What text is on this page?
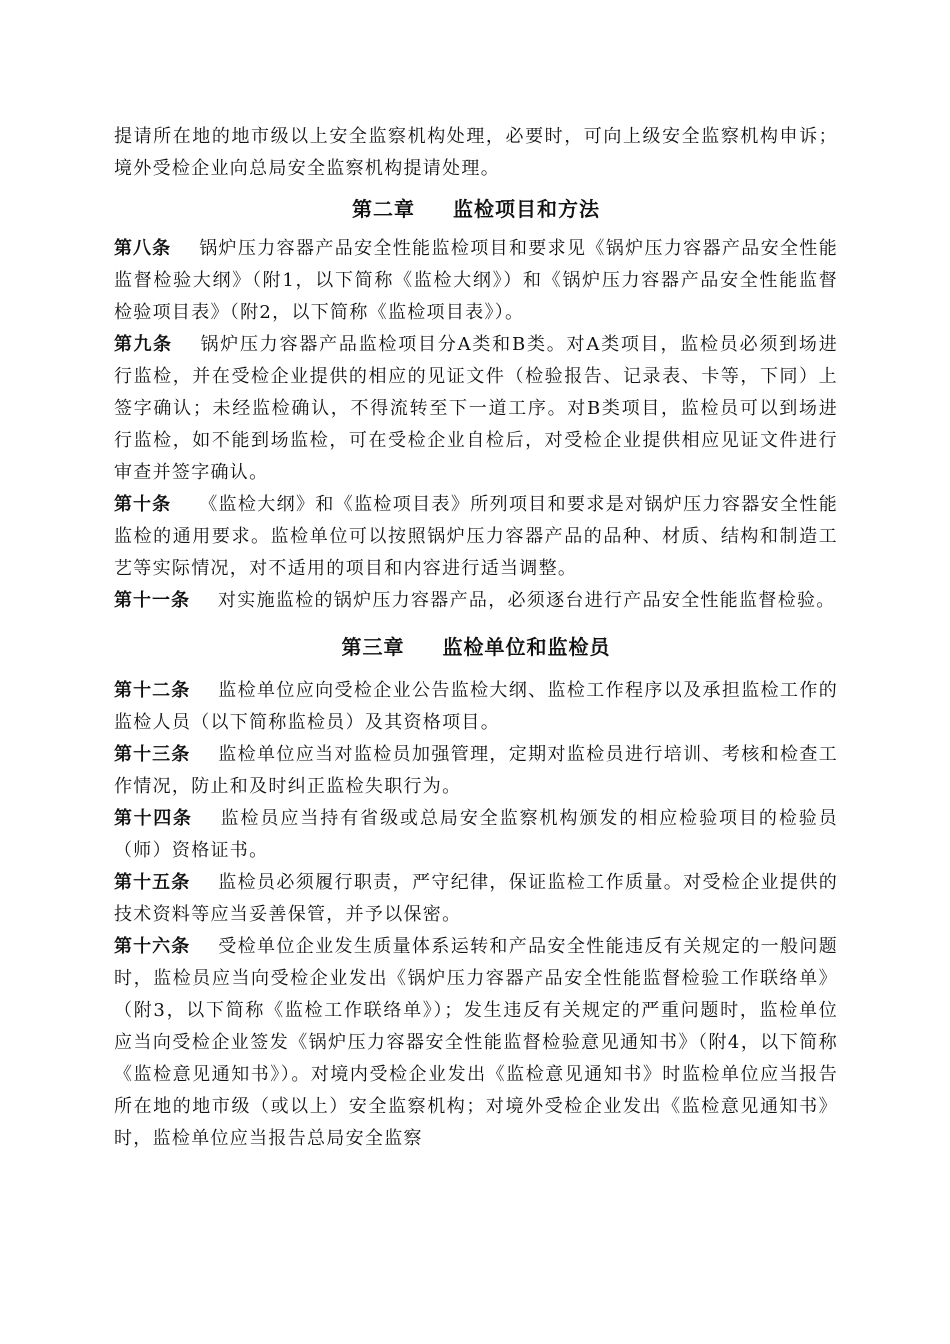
提请所在地的地市级以上安全监察机构处理，必要时，可向上级安全监察机构申诉；境外受检企业向总局安全监察机构提请处理。

第二章 监检项目和方法

第八条 锅炉压力容器产品安全性能监检项目和要求见《锅炉压力容器产品安全性能监督检验大纲》（附1，以下简称《监检大纲》）和《锅炉压力容器产品安全性能监督检验项目表》（附2，以下简称《监检项目表》）。

第九条 锅炉压力容器产品监检项目分A类和B类。对A类项目，监检员必须到场进行监检，并在受检企业提供的相应的见证文件（检验报告、记录表、卡等，下同）上签字确认；未经监检确认，不得流转至下一道工序。对B类项目，监检员可以到场进行监检，如不能到场监检，可在受检企业自检后，对受检企业提供相应见证文件进行审查并签字确认。

第十条 《监检大纲》和《监检项目表》所列项目和要求是对锅炉压力容器安全性能监检的通用要求。监检单位可以按照锅炉压力容器产品的品种、材质、结构和制造工艺等实际情况，对不适用的项目和内容进行适当调整。

第十一条 对实施监检的锅炉压力容器产品，必须逐台进行产品安全性能监督检验。

第三章 监检单位和监检员

第十二条 监检单位应向受检企业公告监检大纲、监检工作程序以及承担监检工作的监检人员（以下简称监检员）及其资格项目。

第十三条 监检单位应当对监检员加强管理，定期对监检员进行培训、考核和检查工作情况，防止和及时纠正监检失职行为。

第十四条 监检员应当持有省级或总局安全监察机构颁发的相应检验项目的检验员（师）资格证书。

第十五条 监检员必须履行职责，严守纪律，保证监检工作质量。对受检企业提供的技术资料等应当妥善保管，并予以保密。

第十六条 受检单位企业发生质量体系运转和产品安全性能违反有关规定的一般问题时，监检员应当向受检企业发出《锅炉压力容器产品安全性能监督检验工作联络单》（附3，以下简称《监检工作联络单》）；发生违反有关规定的严重问题时，监检单位应当向受检企业签发《锅炉压力容器安全性能监督检验意见通知书》（附4，以下简称《监检意见通知书》）。对境内受检企业发出《监检意见通知书》时监检单位应当报告所在地的地市级（或以上）安全监察机构；对境外受检企业发出《监检意见通知书》时，监检单位应当报告总局安全监察
